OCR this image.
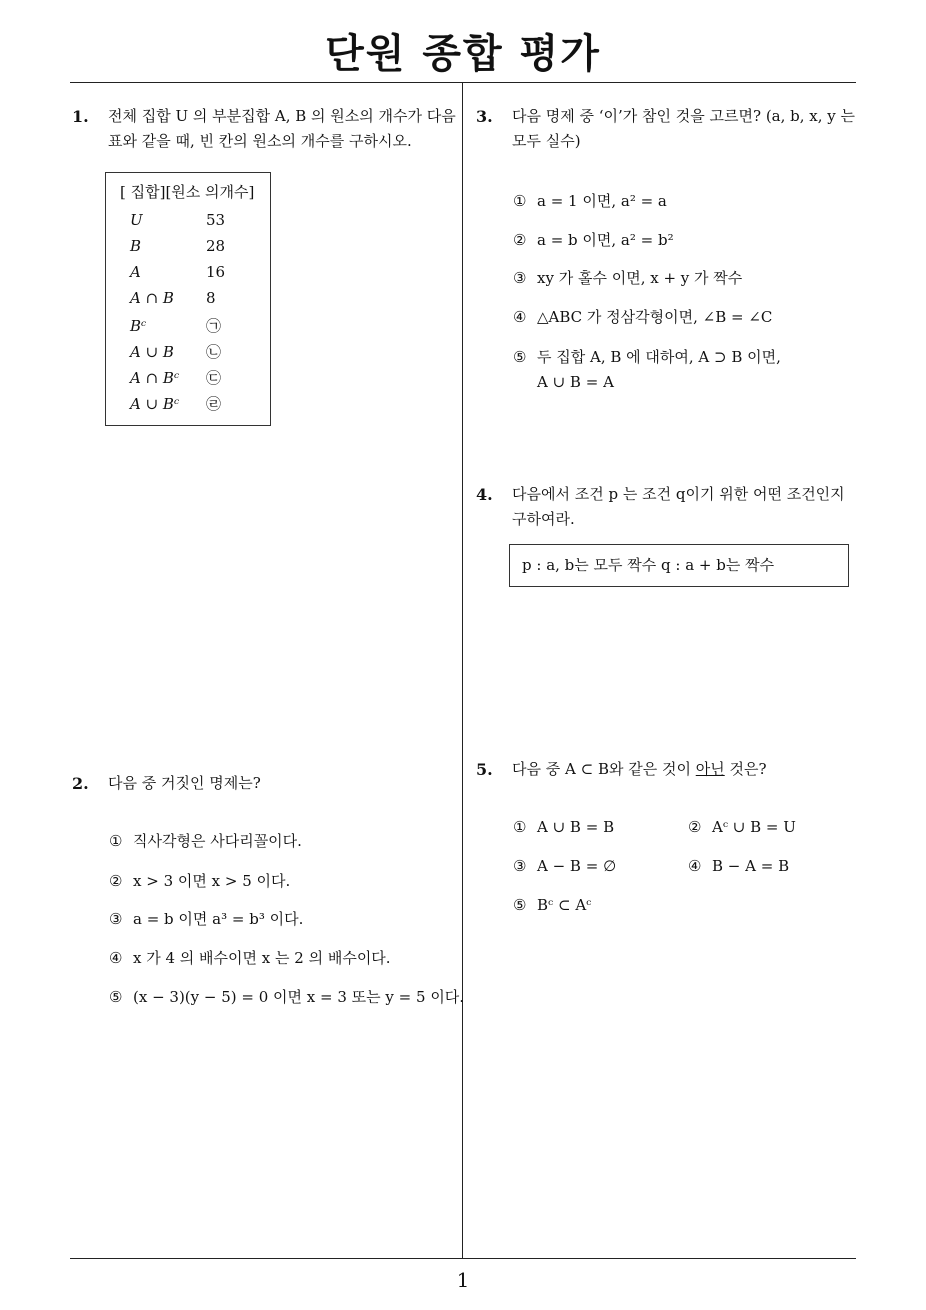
단원 종합 평가
1
1. 전체 집합 U 의 부분집합 A, B 의 원소의 개수가 다음
표와 같을 때, 빈 칸의 원소의 개수를 구하시오.
[ 집합][원소 의개수]
U	53
B	28
A	16
A ∩ B 8
Bᶜ	㉠
A ∪ B ㉡
A ∩ Bᶜ ㉢
A ∪ Bᶜ ㉣
2. 다음 중 거짓인 명제는?
① 직사각형은 사다리꼴이다.
② x > 3 이면 x > 5 이다.
③ a = b 이면 a³ = b³ 이다.
④ x 가 4 의 배수이면 x 는 2 의 배수이다.
⑤ (x − 3)(y − 5) = 0 이면 x = 3 또는 y = 5 이다.
3. 다음 명제 중 ‘이’가 참인 것을 고르면? (a, b, x, y 는
모두 실수)
① a = 1 이면, a² = a
② a = b 이면, a² = b²
③ xy 가 홀수 이면, x + y 가 짝수
④ △ABC 가 정삼각형이면, ∠B = ∠C
⑤ 두 집합 A, B 에 대하여, A ⊃ B 이면,
A ∪ B = A
4. 다음에서 조건 p 는 조건 q이기 위한 어떤 조건인지
구하여라.
p : a, b는 모두 짝수 q : a + b는 짝수
5. 다음 중 A ⊂ B와 같은 것이 아닌 것은?
① A ∪ B = B	② Aᶜ ∪ B = U
③ A − B = ∅	④ B − A = B
⑤ Bᶜ ⊂ Aᶜ
